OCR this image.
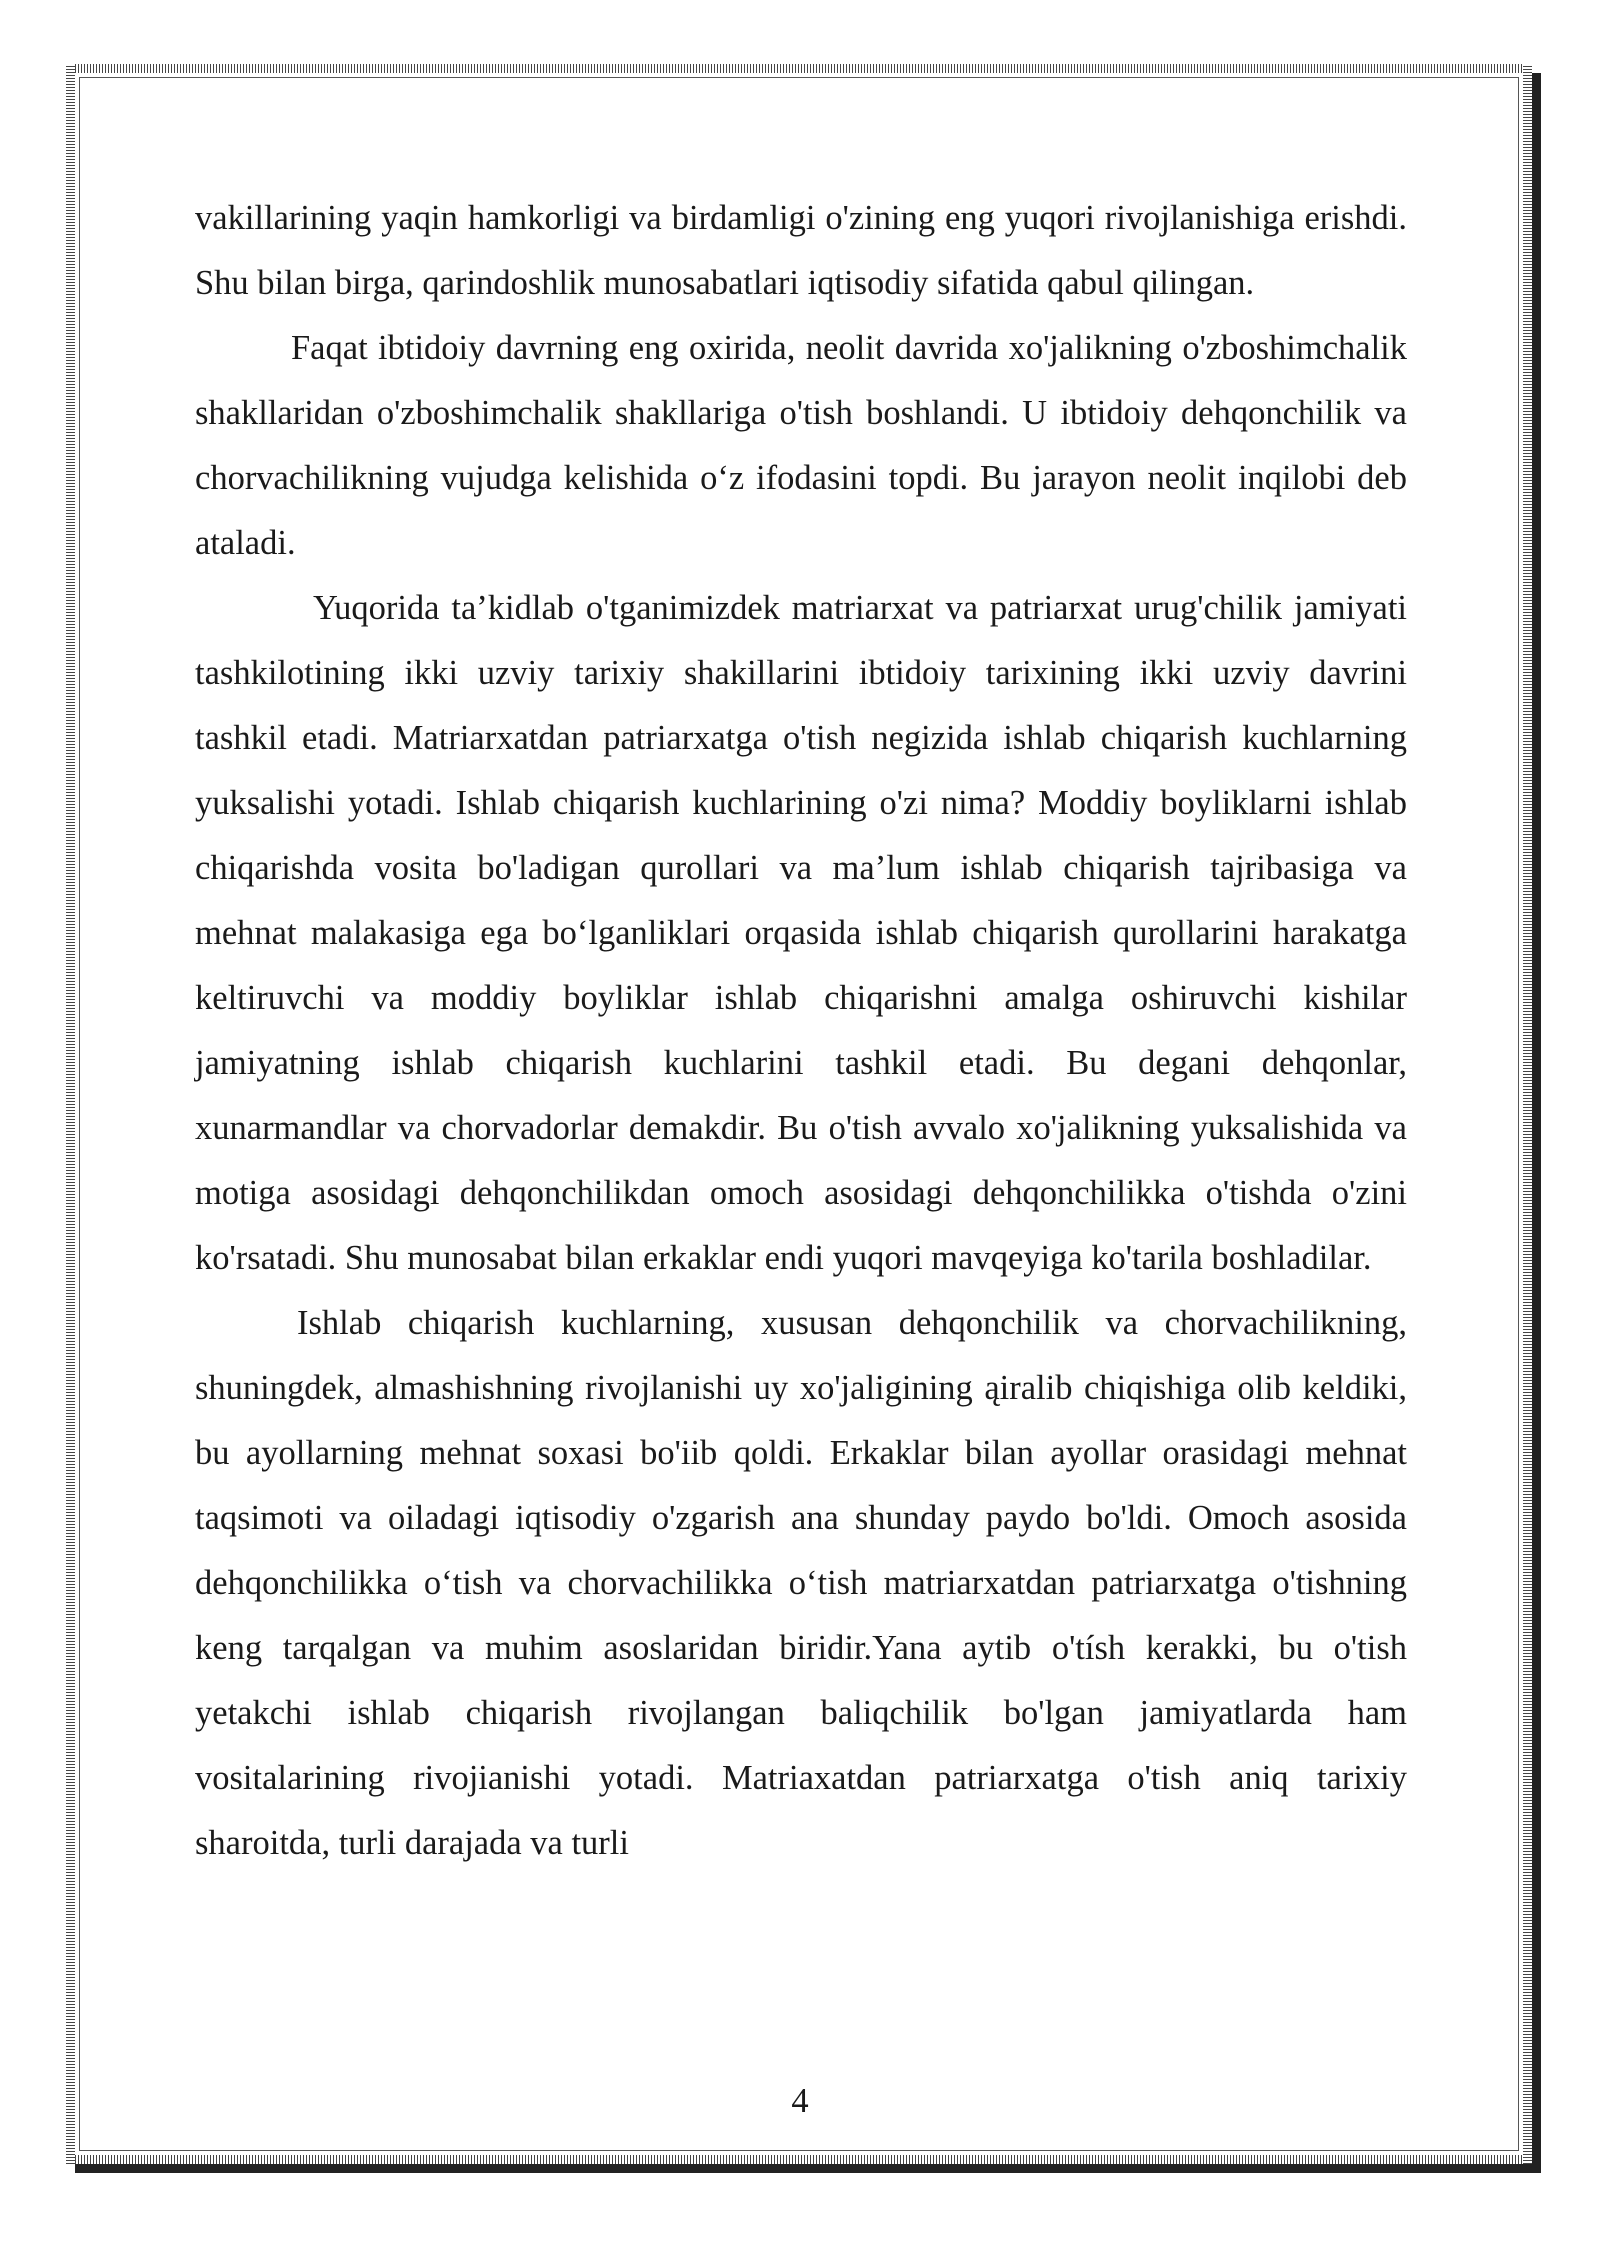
vakillarining yaqin hamkorligi va birdamligi o'zining eng yuqori rivojlanishiga erishdi. Shu bilan birga, qarindoshlik munosabatlari iqtisodiy sifatida qabul qilingan.

Faqat ibtidoiy davrning eng oxirida, neolit davrida xo'jalikning o'zboshimchalik shakllaridan o'zboshimchalik shakllariga o'tish boshlandi. U ibtidoiy dehqonchilik va chorvachilikning vujudga kelishida o‘z ifodasini topdi. Bu jarayon neolit inqilobi deb ataladi.

Yuqorida ta’kidlab o'tganimizdek matriarxat va patriarxat urug'chilik jamiyati tashkilotining ikki uzviy tarixiy shakillarini ibtidoiy tarixining ikki uzviy davrini tashkil etadi. Matriarxatdan patriarxatga o'tish negizida ishlab chiqarish kuchlarning yuksalishi yotadi. Ishlab chiqarish kuchlarining o'zi nima? Moddiy boyliklarni ishlab chiqarishda vosita bo'ladigan qurollari va ma’lum ishlab chiqarish tajribasiga va mehnat malakasiga ega bo‘lganliklari orqasida ishlab chiqarish qurollarini harakatga keltiruvchi va moddiy boyliklar ishlab chiqarishni amalga oshiruvchi kishilar jamiyatning ishlab chiqarish kuchlarini tashkil etadi. Bu degani dehqonlar, xunarmandlar va chorvadorlar demakdir. Bu o'tish avvalo xo'jalikning yuksalishida va motiga asosidagi dehqonchilikdan omoch asosidagi dehqonchilikka o'tishda o'zini ko'rsatadi. Shu munosabat bilan erkaklar endi yuqori mavqeyiga ko'tarila boshladilar.

Ishlab chiqarish kuchlarning, xususan dehqonchilik va chorvachilikning, shuningdek, almashishning rivojlanishi uy xo'jaligining ąiralib chiqishiga olib keldiki, bu ayollarning mehnat soxasi bo'iib qoldi. Erkaklar bilan ayollar orasidagi mehnat taqsimoti va oiladagi iqtisodiy o'zgarish ana shunday paydo bo'ldi. Omoch asosida dehqonchilikka o‘tish va chorvachilikka o‘tish matriarxatdan patriarxatga o'tishning keng tarqalgan va muhim asoslaridan biridir.Yana aytib o'tísh kerakki, bu o'tish yetakchi ishlab chiqarish rivojlangan baliqchilik bo'lgan jamiyatlarda ham vositalarining rivojianishi yotadi. Matriaxatdan patriarxatga o'tish aniq tarixiy sharoitda, turli darajada va turli

4
